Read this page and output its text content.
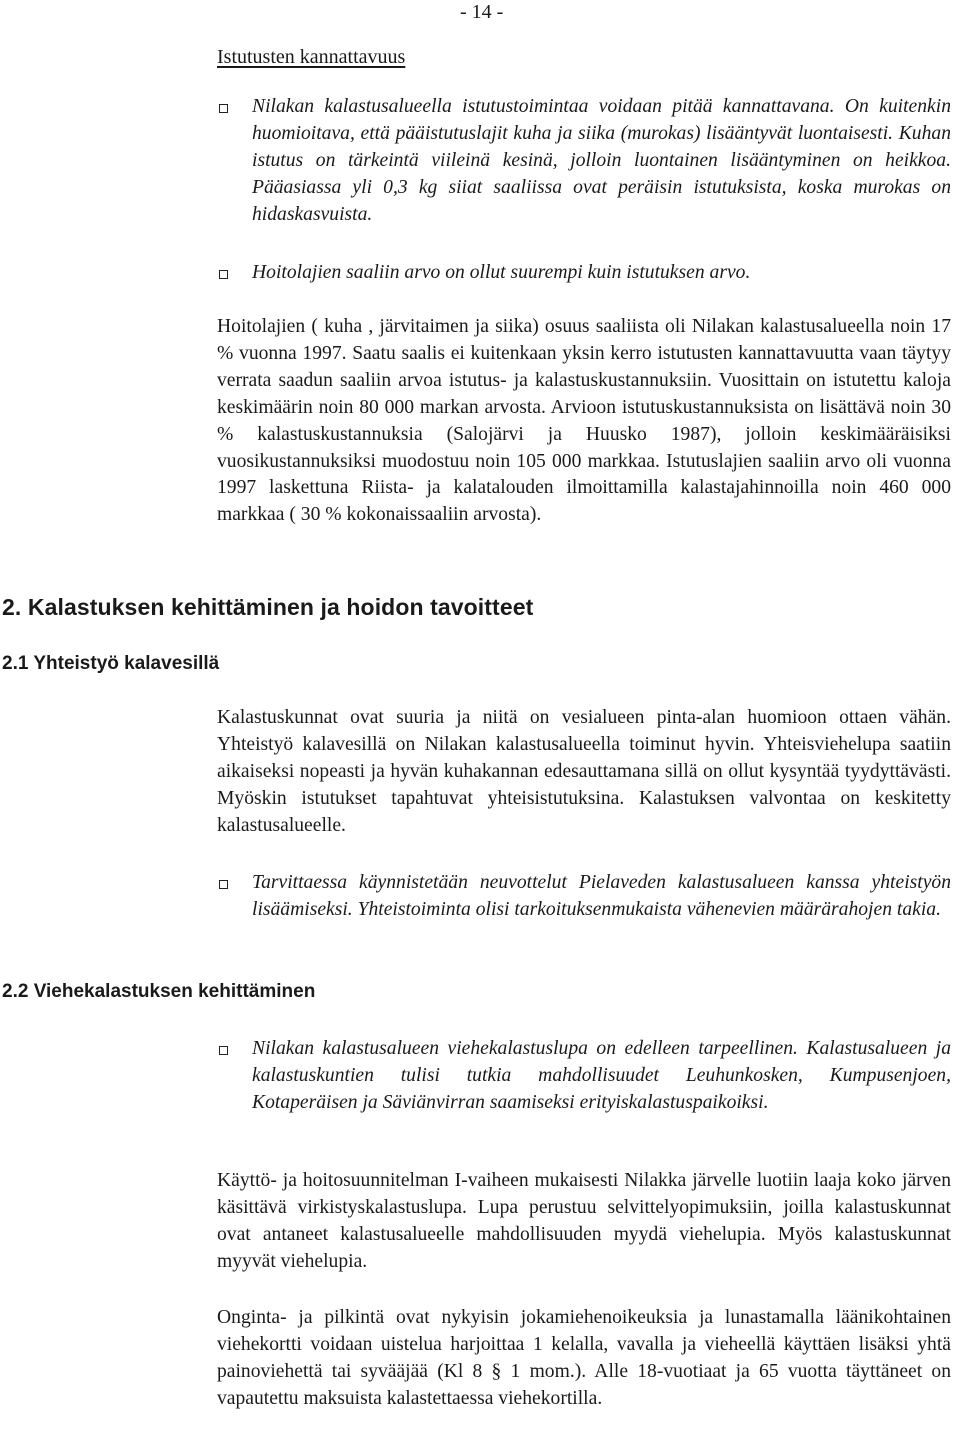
- 14 -
Istutusten kannattavuus

Nilakan kalastusalueella istutustoimintaa voidaan pitää kannattavana. On kuitenkin huomioitava, että pääistutuslajit kuha ja siika (murokas) lisääntyvät luontaisesti. Kuhan istutus on tärkeintä viileinä kesinä, jolloin luontainen lisääntyminen on heikkoa. Pääasiassa yli 0,3 kg siiat saaliissa ovat peräisin istutuksista, koska murokas on hidaskasvuista.

Hoitolajien saaliin arvo on ollut suurempi kuin istutuksen arvo.

Hoitolajien ( kuha , järvitaimen ja siika) osuus saaliista oli Nilakan kalastusalueella noin 17 % vuonna 1997. Saatu saalis ei kuitenkaan yksin kerro istutusten kannattavuutta vaan täytyy verrata saadun saaliin arvoa istutus- ja kalastuskustannuksiin. Vuosittain on istutettu kaloja keskimäärin noin 80 000 markan arvosta. Arvioon istutuskustannuksista on lisättävä noin 30 % kalastuskustannuksia (Salojärvi ja Huusko 1987), jolloin keskimääräisiksi vuosikustannuksiksi muodostuu noin 105 000 markkaa. Istutuslajien saaliin arvo oli vuonna 1997 laskettuna Riista- ja kalatalouden ilmoittamilla kalastajahinnoilla noin 460 000 markkaa ( 30 % kokonaissaaliin arvosta).

2. Kalastuksen kehittäminen ja hoidon tavoitteet
2.1 Yhteistyö kalavesillä

Kalastuskunnat ovat suuria ja niitä on vesialueen pinta-alan huomioon ottaen vähän. Yhteistyö kalavesillä on Nilakan kalastusalueella toiminut hyvin. Yhteisviehelupa saatiin aikaiseksi nopeasti ja hyvän kuhakannan edesauttamana sillä on ollut kysyntää tyydyttävästi. Myöskin istutukset tapahtuvat yhteisistutuksina. Kalastuksen valvontaa on keskitetty kalastusalueelle.

Tarvittaessa käynnistetään neuvottelut Pielaveden kalastusalueen kanssa yhteistyön lisäämiseksi. Yhteistoiminta olisi tarkoituksenmukaista vähenevien määrärahojen takia.

2.2 Viehekalastuksen kehittäminen

Nilakan kalastusalueen viehekalastuslupa on edelleen tarpeellinen. Kalastusalueen ja kalastuskuntien tulisi tutkia mahdollisuudet Leuhunkosken, Kumpusenjoen, Kotaperäisen ja Säviänvirran saamiseksi erityiskalastuspaikoiksi.

Käyttö- ja hoitosuunnitelman I-vaiheen mukaisesti Nilakka järvelle luotiin laaja koko järven käsittävä virkistyskalastuslupa. Lupa perustuu selvittelyopimuksiin, joilla kalastuskunnat ovat antaneet kalastusalueelle mahdollisuuden myydä viehelupia. Myös kalastuskunnat myyvät viehelupia.

Onginta- ja pilkintä ovat nykyisin jokamiehenoikeuksia ja lunastamalla läänikohtainen viehekortti voidaan uistelua harjoittaa 1 kelalla, vavalla ja vieheellä käyttäen lisäksi yhtä painoviehettä tai syvääjää (Kl 8 § 1 mom.). Alle 18-vuotiaat ja 65 vuotta täyttäneet on vapautettu maksuista kalastettaessa viehekortilla.
